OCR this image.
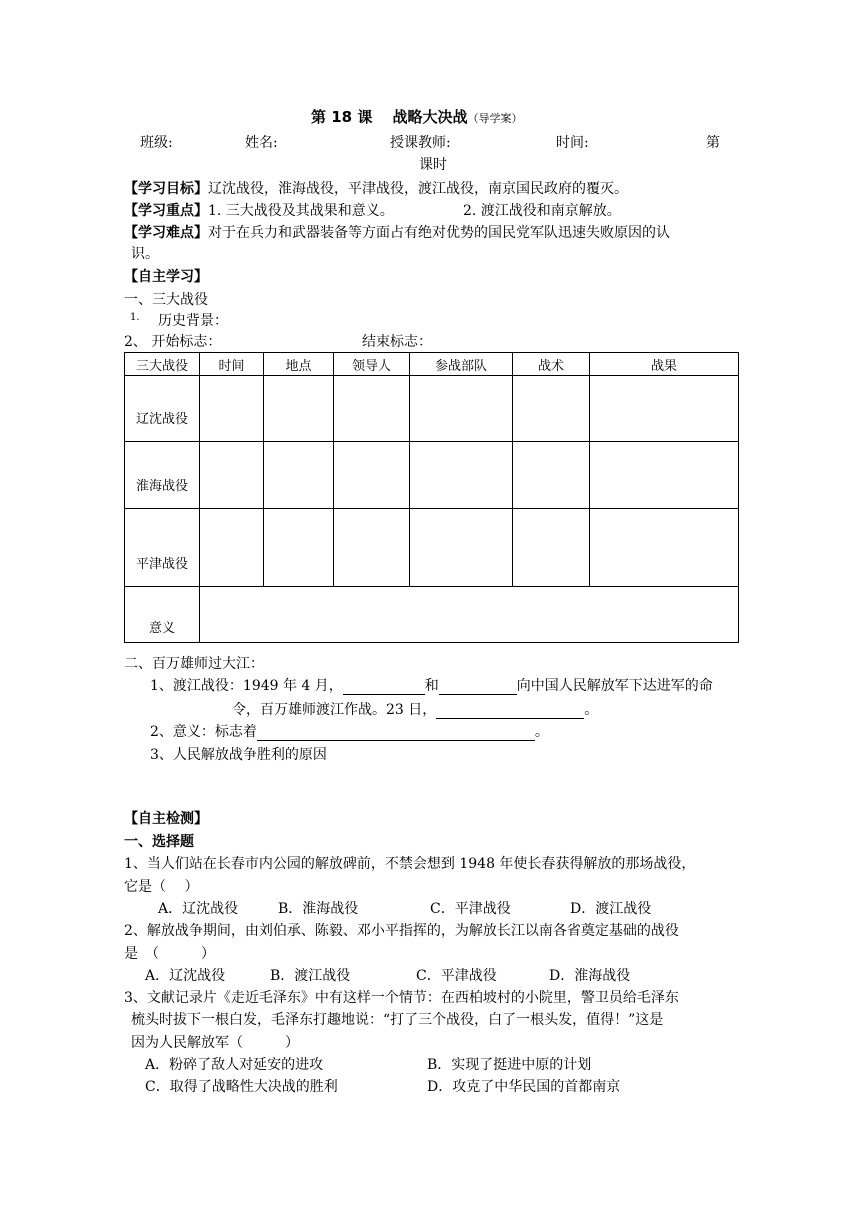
第 18 课　 战略大决战（导学案）
班级:	姓名:	授课教师:	时间:	第
课时
【学习目标】辽沈战役，淮海战役，平津战役，渡江战役，南京国民政府的覆灭。
【学习重点】1. 三大战役及其战果和意义。	2. 渡江战役和南京解放。
【学习难点】对于在兵力和武器装备等方面占有绝对优势的国民党军队迅速失败原因的认
识。
【自主学习】
一、三大战役
1. 历史背景：
2、 开始标志：	结束标志：
三大战役	时间	地点	领导人	参战部队	战术	战果

辽沈战役						

淮海战役						

平津战役						

意义						

二、百万雄师过大江：
1、渡江战役：1949 年 4 月，	和	向中国人民解放军下达进军的命
令，百万雄师渡江作战。23 日，	。
2、意义：标志着	。
3、人民解放战争胜利的原因
【自主检测】
一、选择题
1、当人们站在长春市内公园的解放碑前，不禁会想到 1948 年使长春获得解放的那场战役，
它是（　 ）
A．辽沈战役	B．淮海战役	C．平津战役	D．渡江战役
2、解放战争期间，由刘伯承、陈毅、邓小平指挥的，为解放长江以南各省奠定基础的战役
是　（　　　）
A．辽沈战役	B．渡江战役	C．平津战役	D．淮海战役
3、文献记录片《走近毛泽东》中有这样一个情节：在西柏坡村的小院里，警卫员给毛泽东
梳头时拔下一根白发，毛泽东打趣地说：“打了三个战役，白了一根头发，值得！”这是
因为人民解放军（　　　）
A．粉碎了敌人对延安的进攻	B．实现了挺进中原的计划
C．取得了战略性大决战的胜利	D．攻克了中华民国的首都南京
